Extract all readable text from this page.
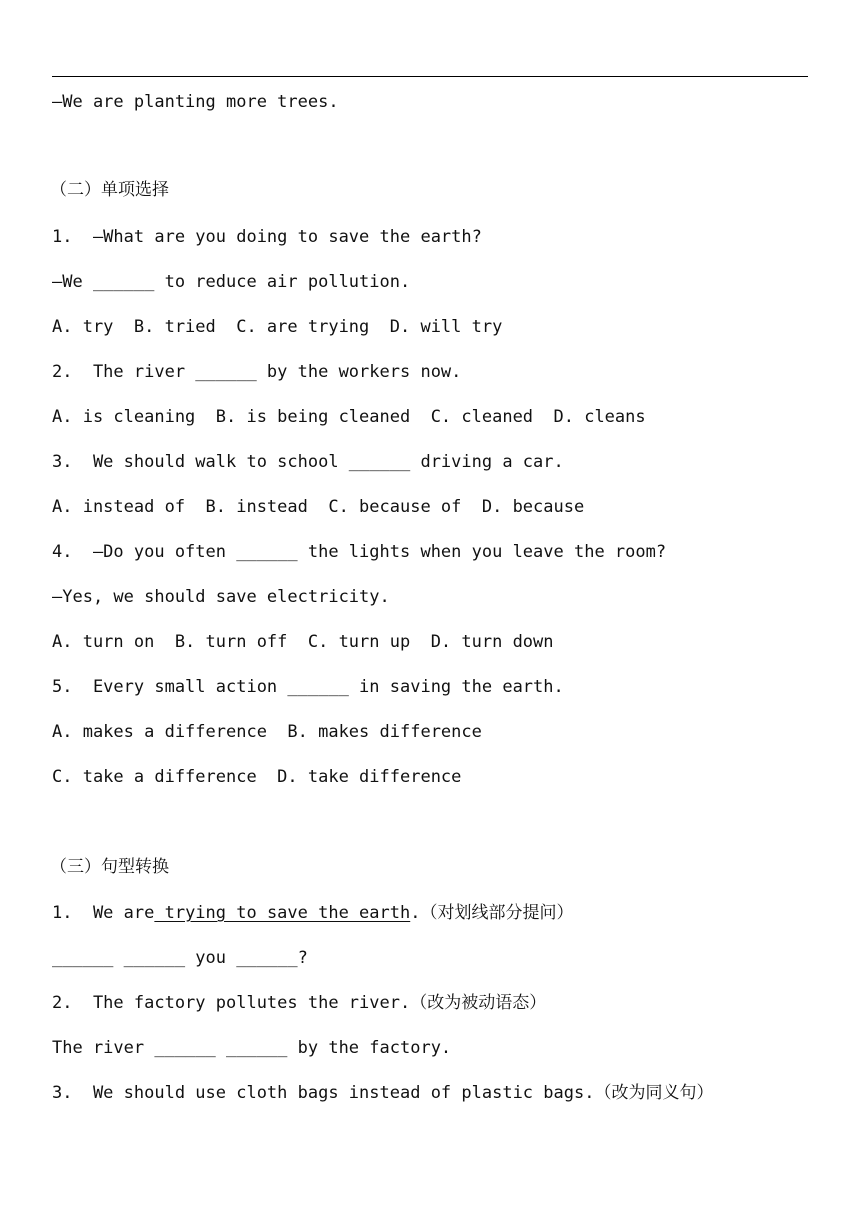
—We are planting more trees.

（二）单项选择

1.  —What are you doing to save the earth?

—We ______ to reduce air pollution.

A. try  B. tried  C. are trying  D. will try

2.  The river ______ by the workers now.

A. is cleaning  B. is being cleaned  C. cleaned  D. cleans

3.  We should walk to school ______ driving a car.

A. instead of  B. instead  C. because of  D. because

4.  —Do you often ______ the lights when you leave the room?

—Yes, we should save electricity.

A. turn on  B. turn off  C. turn up  D. turn down

5.  Every small action ______ in saving the earth.

A. makes a difference  B. makes difference

C. take a difference  D. take difference

（三）句型转换

1.  We are trying to save the earth.（对划线部分提问）

______ ______ you ______?

2.  The factory pollutes the river.（改为被动语态）

The river ______ ______ by the factory.

3.  We should use cloth bags instead of plastic bags.（改为同义句）
